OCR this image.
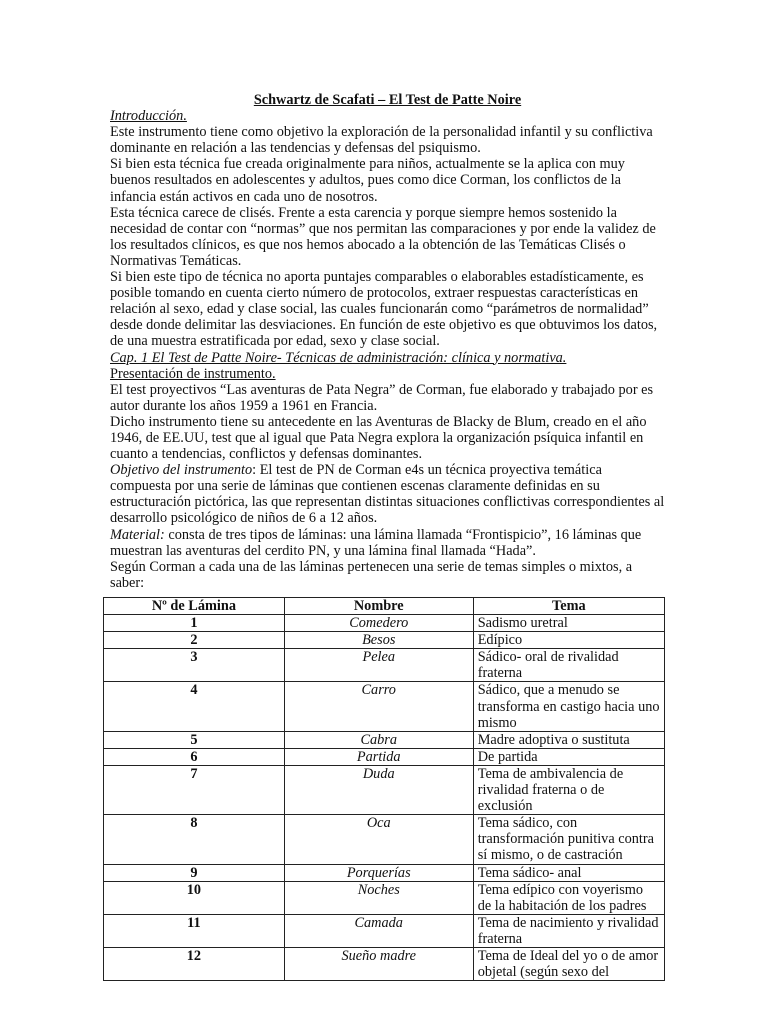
Schwartz de Scafati – El Test de Patte Noire

Introducción.

Este instrumento tiene como objetivo la exploración de la personalidad infantil y su conflictiva dominante en relación a las tendencias y defensas del psiquismo.

Si bien esta técnica fue creada originalmente para niños, actualmente se la aplica con muy buenos resultados en adolescentes y adultos, pues como dice Corman, los conflictos de la infancia están activos en cada uno de nosotros.

Esta técnica carece de clisés. Frente a esta carencia y porque siempre hemos sostenido la necesidad de contar con “normas” que nos permitan las comparaciones y por ende la validez de los resultados clínicos, es que nos hemos abocado a la obtención de las Temáticas Clisés o Normativas Temáticas.

Si bien este tipo de técnica no aporta puntajes comparables o elaborables estadísticamente, es posible tomando en cuenta cierto número de protocolos, extraer respuestas características en relación al sexo, edad y clase social, las cuales funcionarán como “parámetros de normalidad” desde donde delimitar las desviaciones. En función de este objetivo es que obtuvimos los datos, de una muestra estratificada por edad, sexo y clase social.

Cap. 1 El Test de Patte Noire- Técnicas de administración: clínica y normativa.

Presentación de instrumento.

El test proyectivos “Las aventuras de Pata Negra” de Corman, fue elaborado y trabajado por es autor durante los años 1959 a 1961 en Francia.

Dicho instrumento tiene su antecedente en las Aventuras de Blacky de Blum, creado en el año 1946, de EE.UU, test que al igual que Pata Negra explora la organización psíquica infantil en cuanto a tendencias, conflictos y defensas dominantes.

Objetivo del instrumento: El test de PN de Corman e4s un técnica proyectiva temática compuesta por una serie de láminas que contienen escenas claramente definidas en su estructuración pictórica, las que representan distintas situaciones conflictivas correspondientes al desarrollo psicológico de niños de 6 a 12 años.

Material: consta de tres tipos de láminas: una lámina llamada “Frontispicio”, 16 láminas que muestran las aventuras del cerdito PN, y una lámina final llamada “Hada”.

Según Corman a cada una de las láminas pertenecen una serie de temas simples o mixtos, a saber:

Nº de Lámina	Nombre	Tema
1	Comedero	Sadismo uretral
2	Besos	Edípico
3	Pelea	Sádico- oral de rivalidad fraterna
4	Carro	Sádico, que a menudo se transforma en castigo hacia uno mismo
5	Cabra	Madre adoptiva o sustituta
6	Partida	De partida
7	Duda	Tema de ambivalencia de rivalidad fraterna o de exclusión
8	Oca	Tema sádico, con transformación punitiva contra sí mismo, o de castración
9	Porquerías	Tema sádico- anal
10	Noches	Tema edípico con voyerismo de la habitación de los padres
11	Camada	Tema de nacimiento y rivalidad fraterna
12	Sueño madre	Tema de Ideal del yo o de amor objetal (según sexo del
